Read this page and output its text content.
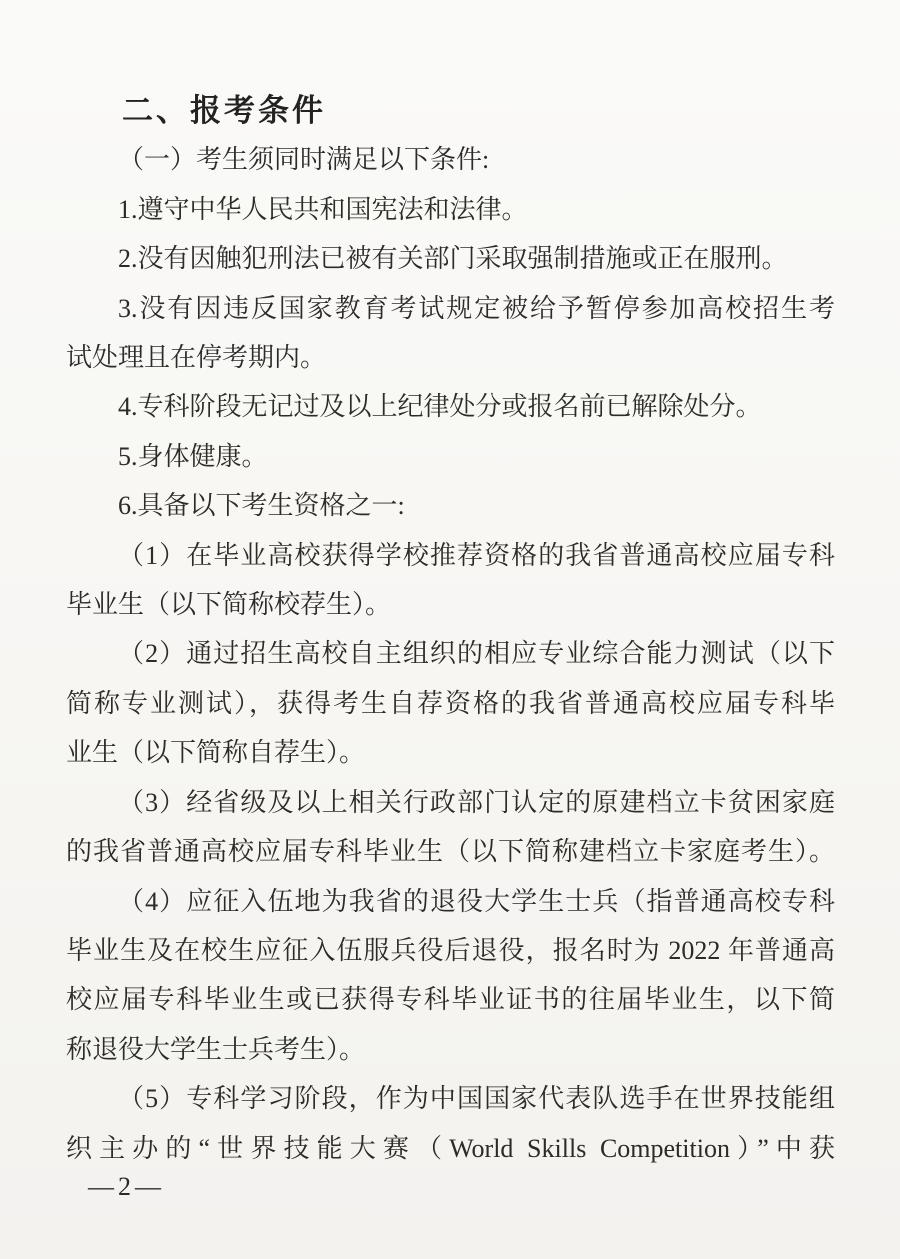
二、报考条件
（一）考生须同时满足以下条件:
1.遵守中华人民共和国宪法和法律。
2.没有因触犯刑法已被有关部门采取强制措施或正在服刑。
3.没有因违反国家教育考试规定被给予暂停参加高校招生考
试处理且在停考期内。
4.专科阶段无记过及以上纪律处分或报名前已解除处分。
5.身体健康。
6.具备以下考生资格之一:
（1）在毕业高校获得学校推荐资格的我省普通高校应届专科
毕业生（以下简称校荐生）。
（2）通过招生高校自主组织的相应专业综合能力测试（以下
简称专业测试），获得考生自荐资格的我省普通高校应届专科毕
业生（以下简称自荐生）。
（3）经省级及以上相关行政部门认定的原建档立卡贫困家庭
的我省普通高校应届专科毕业生（以下简称建档立卡家庭考生）。
（4）应征入伍地为我省的退役大学生士兵（指普通高校专科
毕业生及在校生应征入伍服兵役后退役，报名时为 2022 年普通高
校应届专科毕业生或已获得专科毕业证书的往届毕业生，以下简
称退役大学生士兵考生）。
（5）专科学习阶段，作为中国国家代表队选手在世界技能组
织主办的“世界技能大赛（World Skills Competition）”中获
—2—
